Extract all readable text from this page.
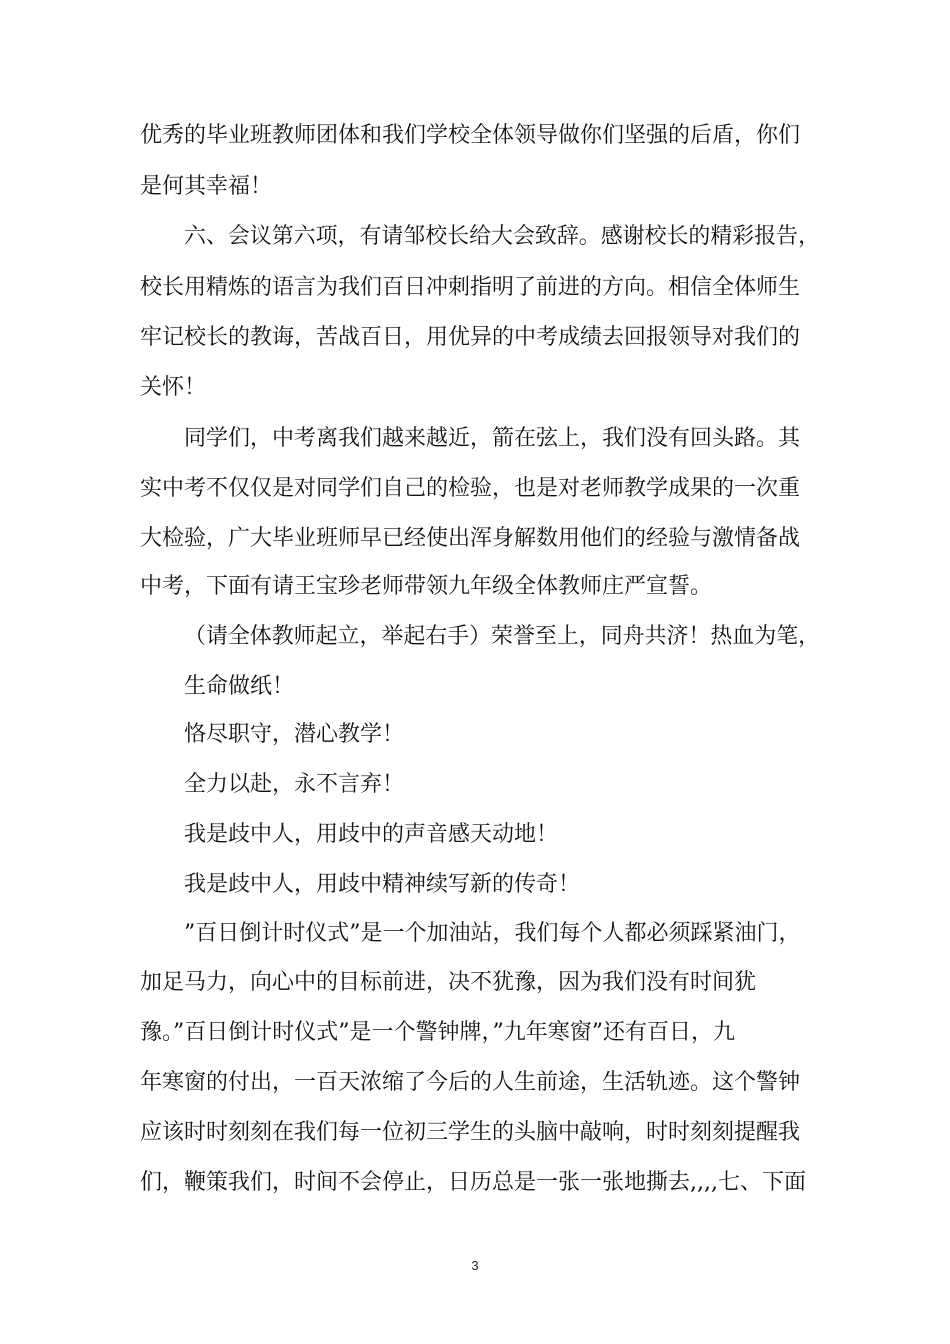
优秀的毕业班教师团体和我们学校全体领导做你们坚强的后盾，你们
是何其幸福！
六、会议第六项，有请邹校长给大会致辞。感谢校长的精彩报告，
校长用精炼的语言为我们百日冲刺指明了前进的方向。相信全体师生
牢记校长的教诲，苦战百日，用优异的中考成绩去回报领导对我们的
关怀！
同学们，中考离我们越来越近，箭在弦上，我们没有回头路。其
实中考不仅仅是对同学们自己的检验，也是对老师教学成果的一次重
大检验，广大毕业班师早已经使出浑身解数用他们的经验与激情备战
中考，下面有请王宝珍老师带领九年级全体教师庄严宣誓。
（请全体教师起立，举起右手）荣誉至上，同舟共济！热血为笔，
生命做纸！
恪尽职守，潜心教学！
全力以赴，永不言弃！
我是歧中人，用歧中的声音感天动地！
我是歧中人，用歧中精神续写新的传奇！
”百日倒计时仪式”是一个加油站，我们每个人都必须踩紧油门，
加足马力，向心中的目标前进，决不犹豫，因为我们没有时间犹
豫。”百日倒计时仪式”是一个警钟牌，”九年寒窗”还有百日，九
年寒窗的付出，一百天浓缩了今后的人生前途，生活轨迹。这个警钟
应该时时刻刻在我们每一位初三学生的头脑中敲响，时时刻刻提醒我
们，鞭策我们，时间不会停止，日历总是一张一张地撕去,,,,七、下面
3
